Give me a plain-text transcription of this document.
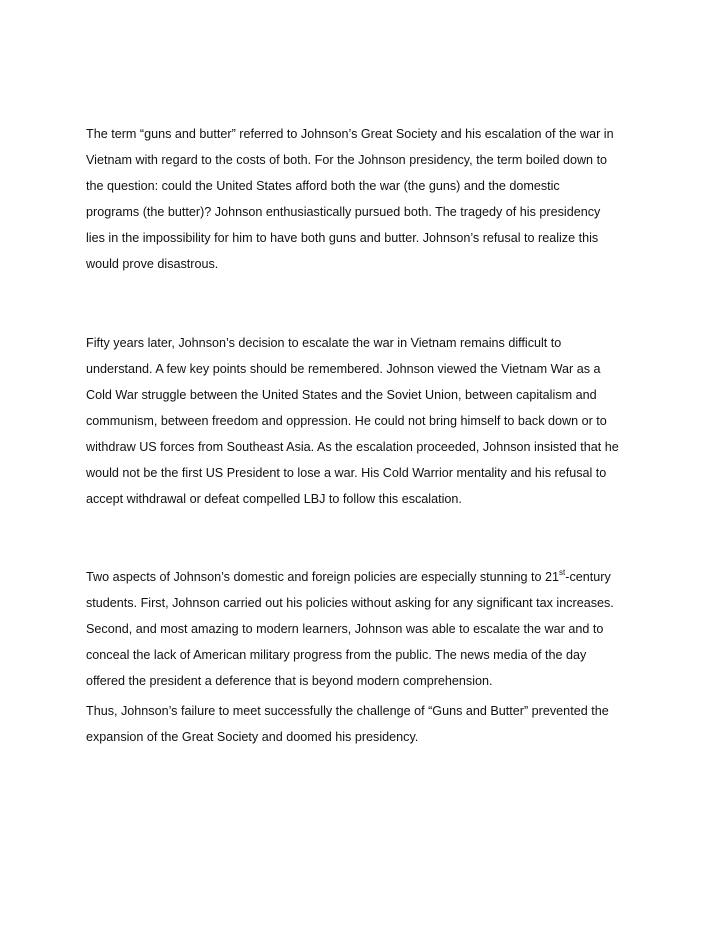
The term “guns and butter” referred to Johnson’s Great Society and his escalation of the war in
Vietnam with regard to the costs of both. For the Johnson presidency, the term boiled down to
the question: could the United States afford both the war (the guns) and the domestic
programs (the butter)? Johnson enthusiastically pursued both. The tragedy of his presidency
lies in the impossibility for him to have both guns and butter. Johnson’s refusal to realize this
would prove disastrous.

Fifty years later, Johnson’s decision to escalate the war in Vietnam remains difficult to
understand. A few key points should be remembered. Johnson viewed the Vietnam War as a
Cold War struggle between the United States and the Soviet Union, between capitalism and
communism, between freedom and oppression. He could not bring himself to back down or to
withdraw US forces from Southeast Asia. As the escalation proceeded, Johnson insisted that he
would not be the first US President to lose a war. His Cold Warrior mentality and his refusal to
accept withdrawal or defeat compelled LBJ to follow this escalation.

Two aspects of Johnson’s domestic and foreign policies are especially stunning to 21st-century
students. First, Johnson carried out his policies without asking for any significant tax increases.
Second, and most amazing to modern learners, Johnson was able to escalate the war and to
conceal the lack of American military progress from the public. The news media of the day
offered the president a deference that is beyond modern comprehension.

Thus, Johnson’s failure to meet successfully the challenge of “Guns and Butter” prevented the
expansion of the Great Society and doomed his presidency.
